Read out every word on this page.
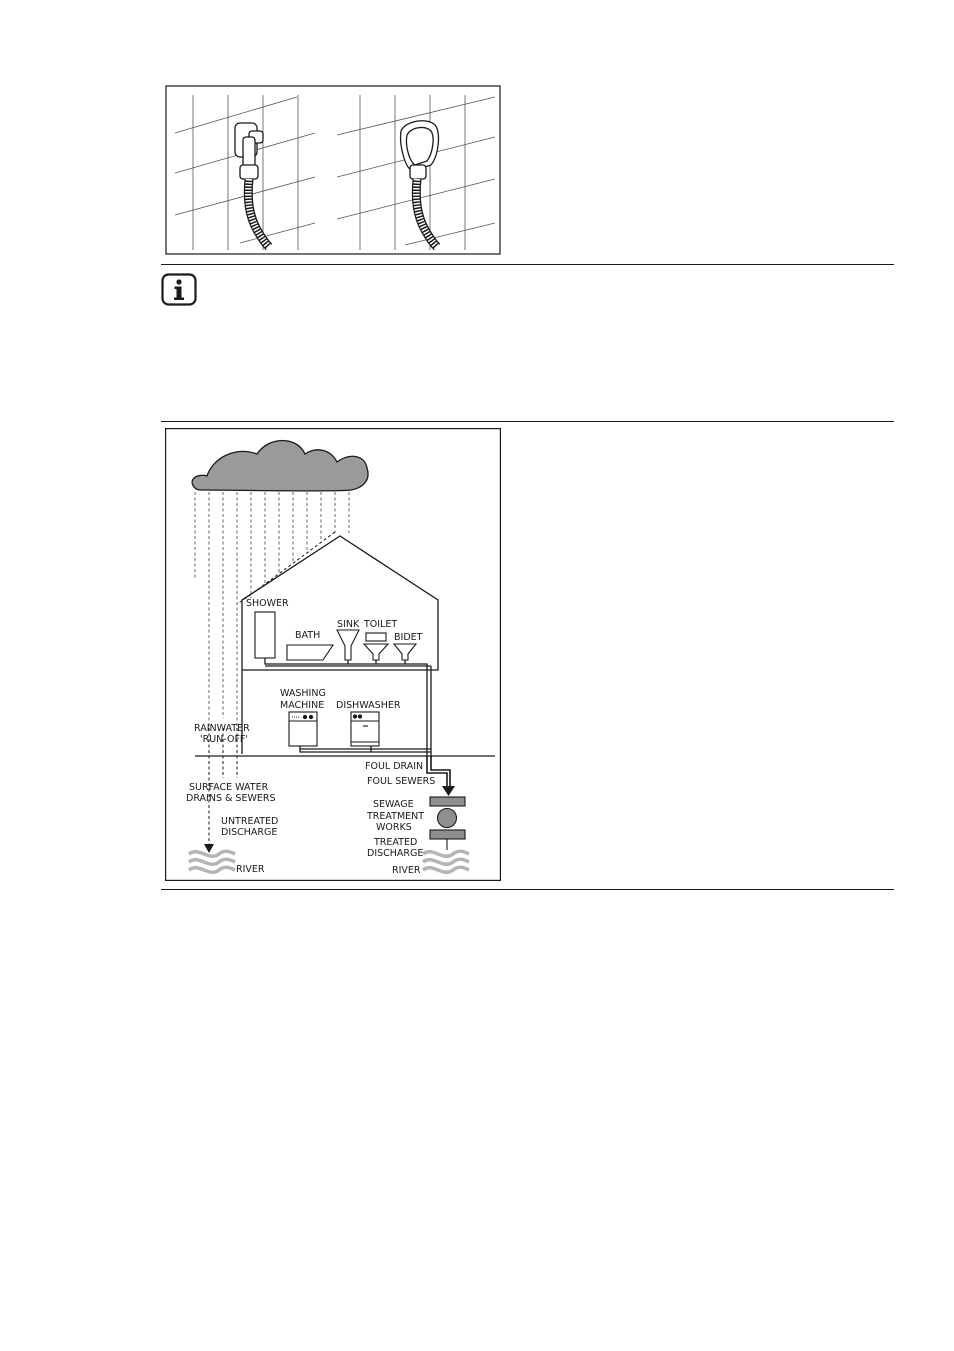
SHOWER
BATH
SINK TOILET
BIDET
WASHING
MACHINE DISHWASHER
RAINWATER
'RUN-OFF'
SURFACE WATER
DRAINS & SEWERS
UNTREATED
DISCHARGE
RIVER
FOUL DRAIN
FOUL SEWERS
SEWAGE
TREATMENT
WORKS
TREATED
DISCHARGE
RIVER
